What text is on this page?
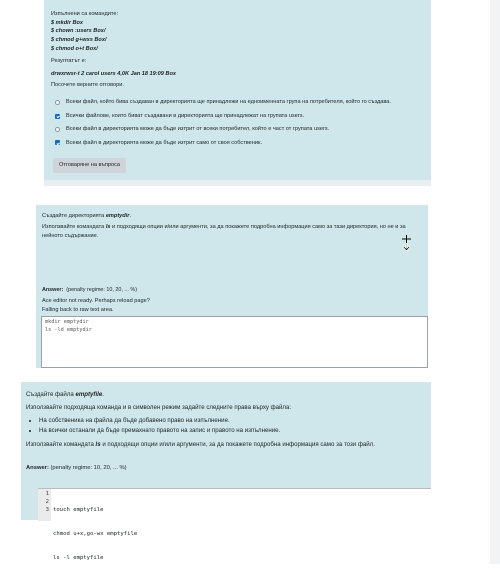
Изпълнени са командите:
$ mkdir Box
$ chown :users Box/
$ chmod g+wxs Box/
$ chmod o+t Box/
Резултатът е:
drwxrwsr-t 2 carol users 4,0K Jan 18 19:09 Box
Посочете верните отговори.
Всеки файл, който бива създаван в директорията ще принадлежи на едноименната група на потребителя, който го създава.
Всички файлове, които биват създавани в директорията ще принадлежат на групата users.
Всеки файл в директорията може да бъде изтрит от всеки потребител, който е част от групата users.
Всеки файл в директорията може да бъде изтрит само от своя собственик.
Отговаряне на въпроса
Създайте директорията emptydir.
Използвайте командата ls и подходящи опции и/или аргументи, за да покажете подробна информация само за тази директория, но не и за нейното съдържание.
Answer: (penalty regime: 10, 20, ... %)
Ace editor not ready. Perhaps reload page?
Falling back to raw text area.
mkdir emptydir
ls -ld emptydir
Създайте файла emptyfile.
Използвайте подходяща команда и в символен режим задайте следните права върху файла:
• На собственика на файла да бъде добавено право на изпълнение.
• На всички останали да бъде премахнато правото на запис и правото на изпълнение.
Използвайте командата ls и подходящи опции и/или аргументи, за да покажете подробна информация само за този файл.
Answer: (penalty regime: 10, 20, ... %)
1
2
3

touch emptyfile

chmod u+x,go-wx emptyfile

ls -l emptyfile
